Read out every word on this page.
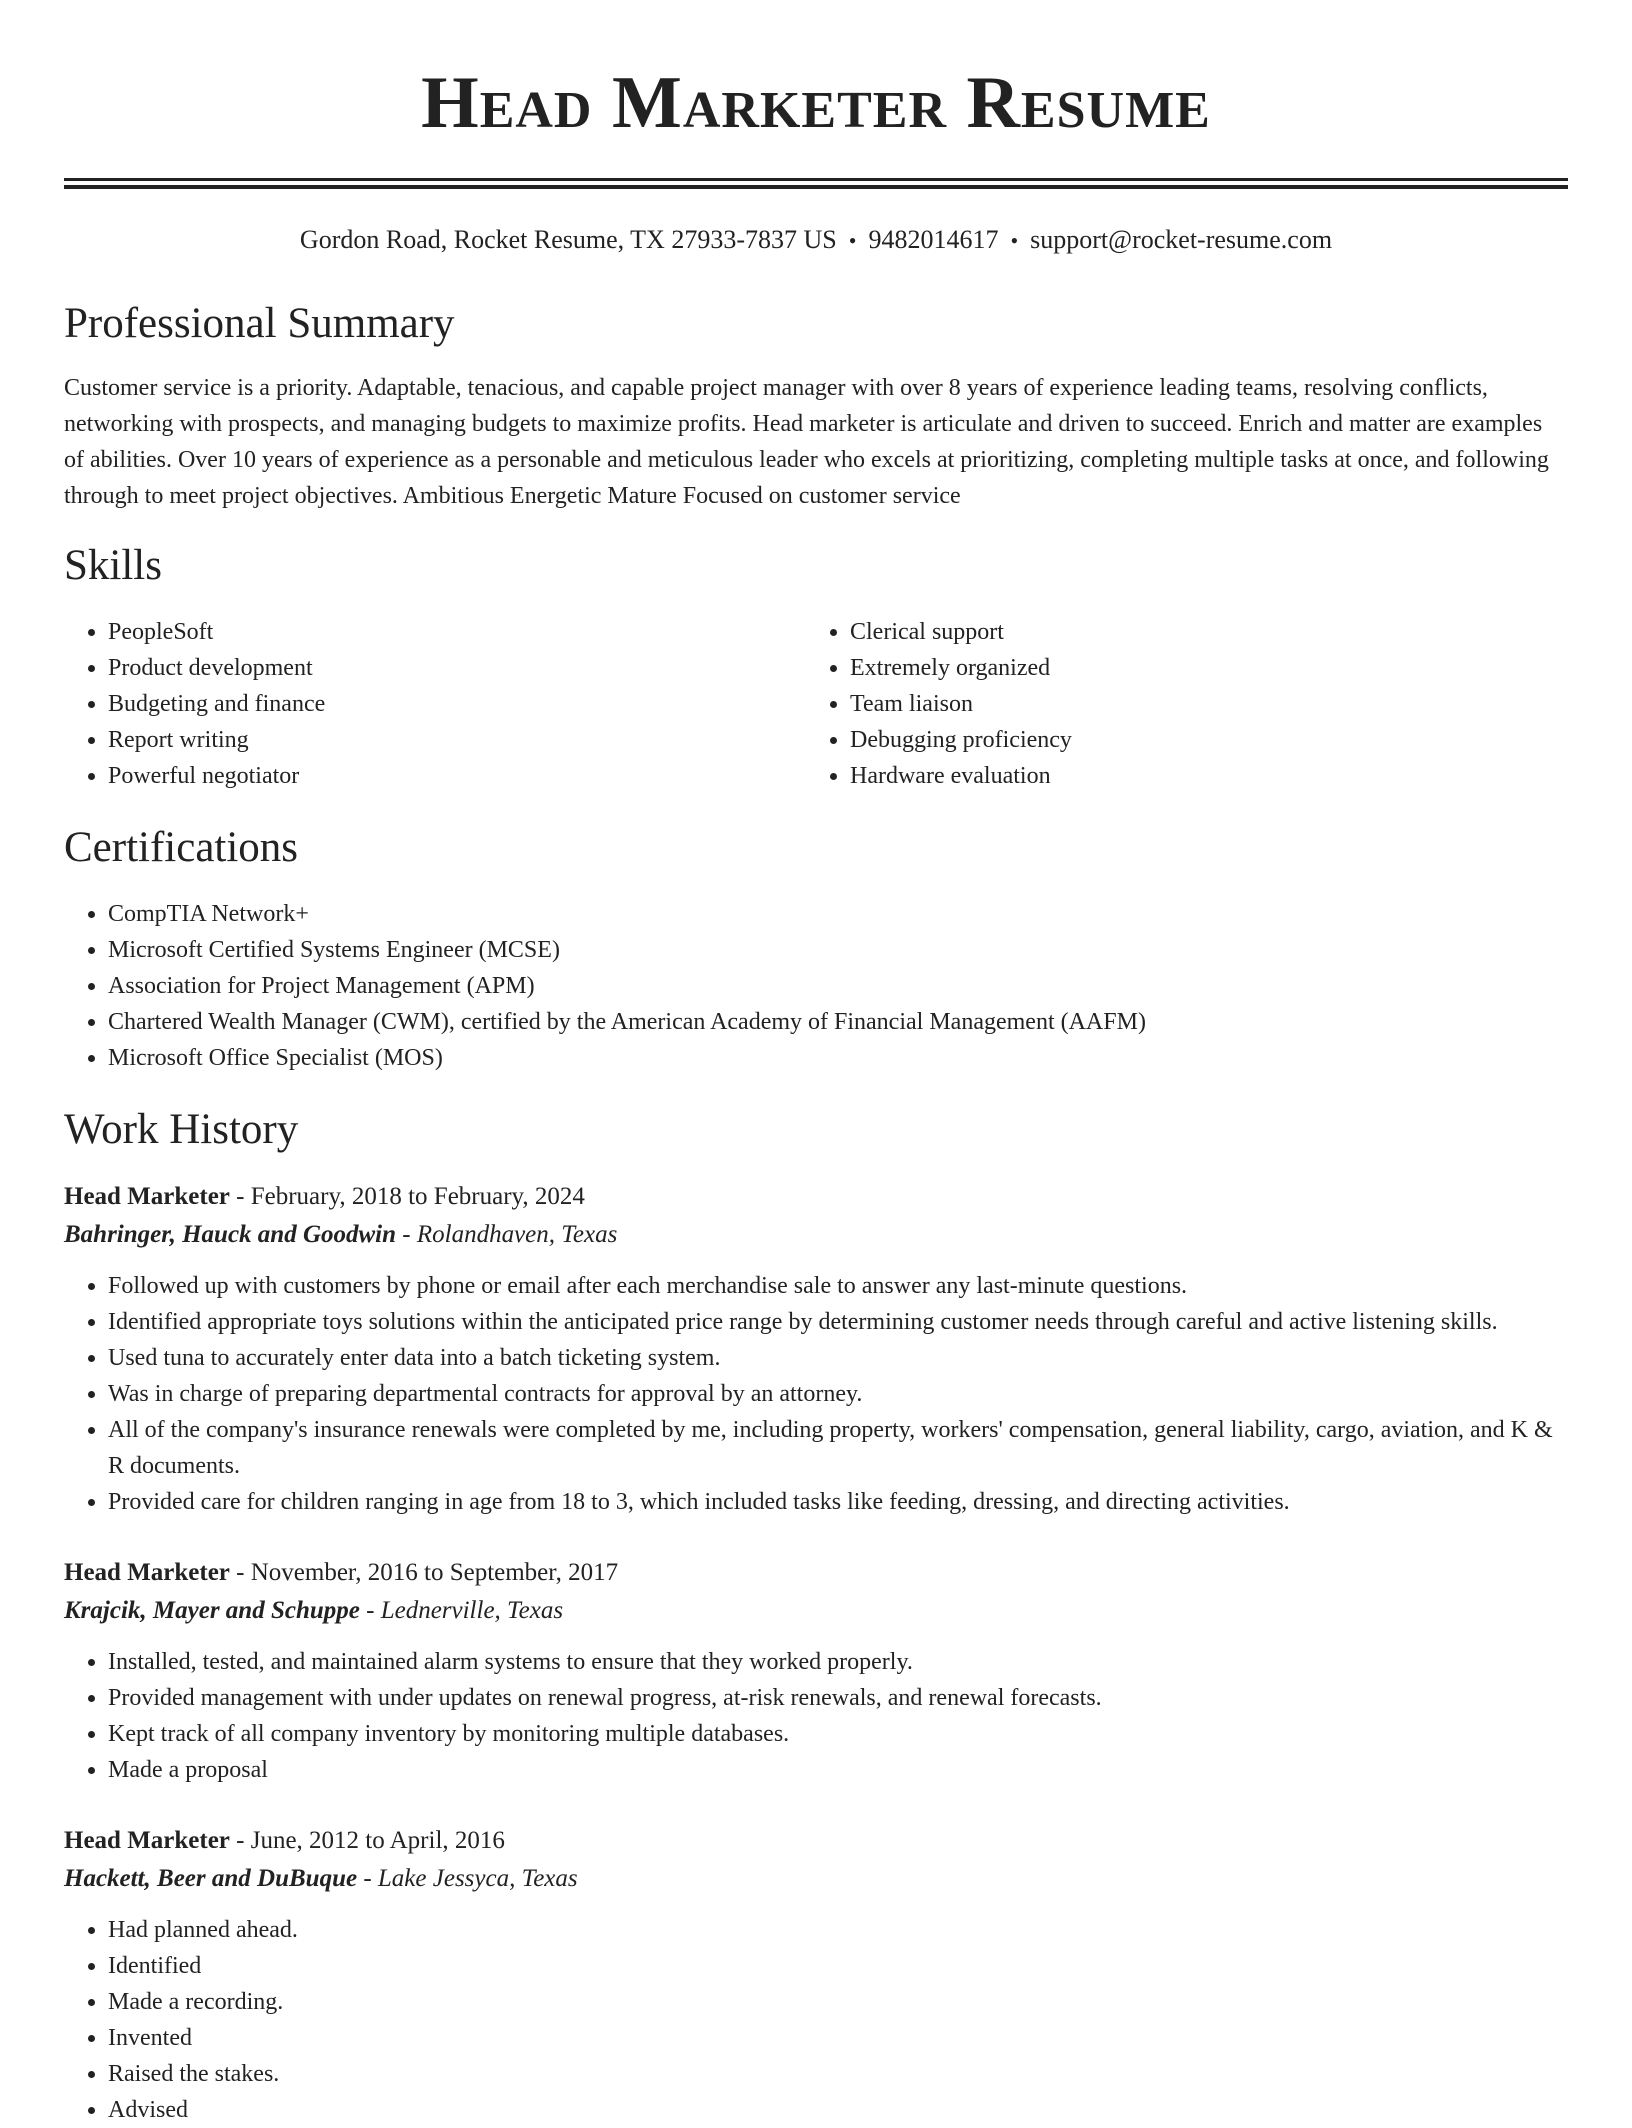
Head Marketer Resume
Gordon Road, Rocket Resume, TX 27933-7837 US • 9482014617 • support@rocket-resume.com
Professional Summary

Customer service is a priority. Adaptable, tenacious, and capable project manager with over 8 years of experience leading teams, resolving conflicts, networking with prospects, and managing budgets to maximize profits. Head marketer is articulate and driven to succeed. Enrich and matter are examples of abilities. Over 10 years of experience as a personable and meticulous leader who excels at prioritizing, completing multiple tasks at once, and following through to meet project objectives. Ambitious Energetic Mature Focused on customer service

Skills
• PeopleSoft
• Product development
• Budgeting and finance
• Report writing
• Powerful negotiator
• Clerical support
• Extremely organized
• Team liaison
• Debugging proficiency
• Hardware evaluation
Certifications
• CompTIA Network+
• Microsoft Certified Systems Engineer (MCSE)
• Association for Project Management (APM)
• Chartered Wealth Manager (CWM), certified by the American Academy of Financial Management (AAFM)
• Microsoft Office Specialist (MOS)
Work History
Head Marketer - February, 2018 to February, 2024
Bahringer, Hauck and Goodwin - Rolandhaven, Texas
• Followed up with customers by phone or email after each merchandise sale to answer any last-minute questions.
• Identified appropriate toys solutions within the anticipated price range by determining customer needs through careful and active listening skills.
• Used tuna to accurately enter data into a batch ticketing system.
• Was in charge of preparing departmental contracts for approval by an attorney.
• All of the company's insurance renewals were completed by me, including property, workers' compensation, general liability, cargo, aviation, and K & R documents.
• Provided care for children ranging in age from 18 to 3, which included tasks like feeding, dressing, and directing activities.
Head Marketer - November, 2016 to September, 2017
Krajcik, Mayer and Schuppe - Lednerville, Texas
• Installed, tested, and maintained alarm systems to ensure that they worked properly.
• Provided management with under updates on renewal progress, at-risk renewals, and renewal forecasts.
• Kept track of all company inventory by monitoring multiple databases.
• Made a proposal
Head Marketer - June, 2012 to April, 2016
Hackett, Beer and DuBuque - Lake Jessyca, Texas
• Had planned ahead.
• Identified
• Made a recording.
• Invented
• Raised the stakes.
• Advised
